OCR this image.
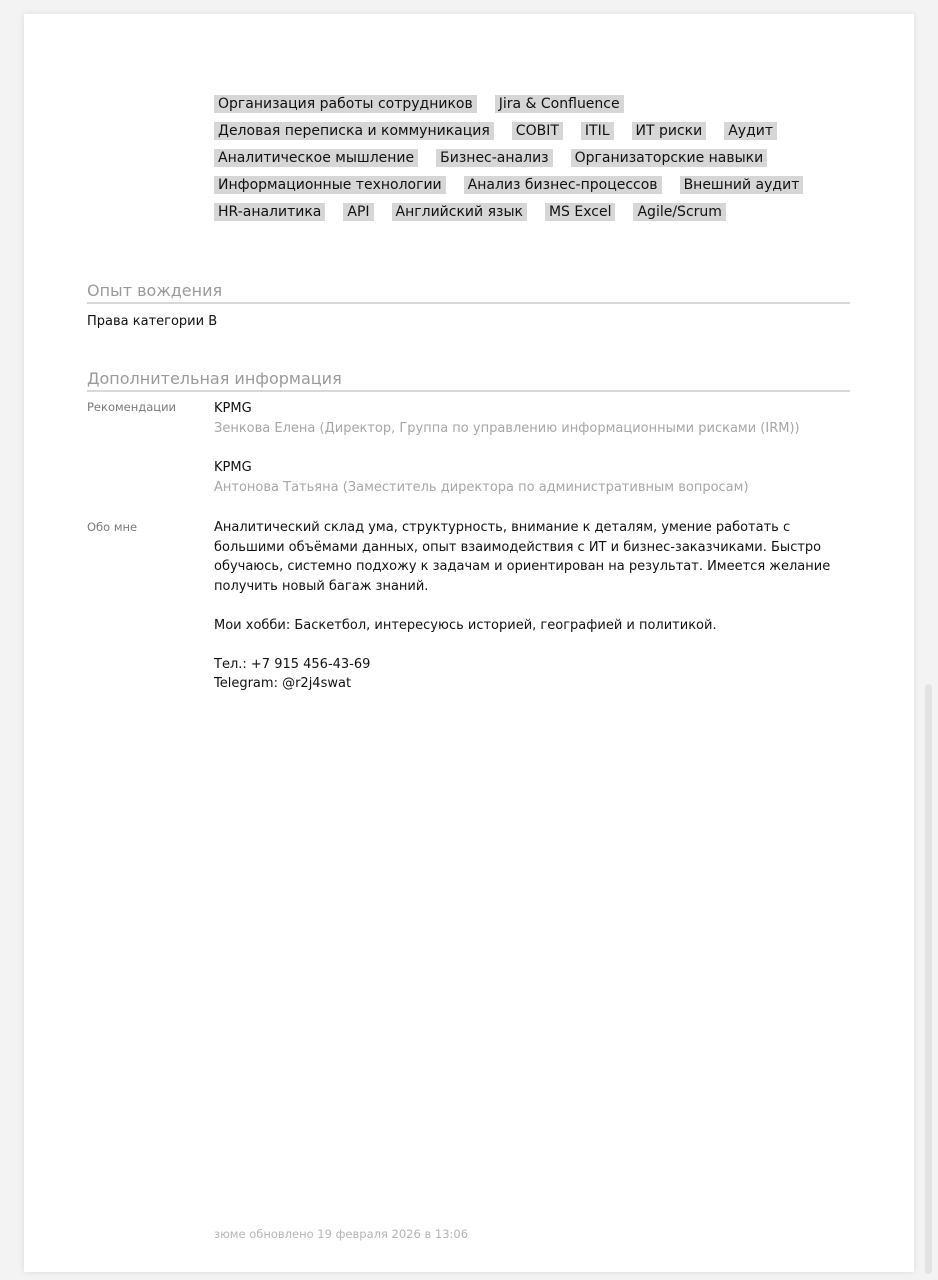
Организация работы сотрудников Jira & Confluence
Деловая переписка и коммуникация COBIT ITIL ИТ риски Аудит
Аналитическое мышление Бизнес-анализ Организаторские навыки
Информационные технологии Анализ бизнес-процессов Внешний аудит
HR-аналитика API Английский язык MS Excel Agile/Scrum
Опыт вождения
Права категории B
Дополнительная информация
Рекомендации	KPMG
Зенкова Елена (Директор, Группа по управлению информационными рисками (IRM))
KPMG
Антонова Татьяна (Заместитель директора по административным вопросам)
Обо мне	Аналитический склад ума, структурность, внимание к деталям, умение работать с большими объёмами данных, опыт взаимодействия с ИТ и бизнес-заказчиками. Быстро обучаюсь, системно подхожу к задачам и ориентирован на результат. Имеется желание получить новый багаж знаний.

Мои хобби: Баскетбол, интересуюсь историей, географией и политикой.

Тел.: +7 915 456-43-69

Telegram: @r2j4swat

зюме обновлено 19 февраля 2026 в 13:06
